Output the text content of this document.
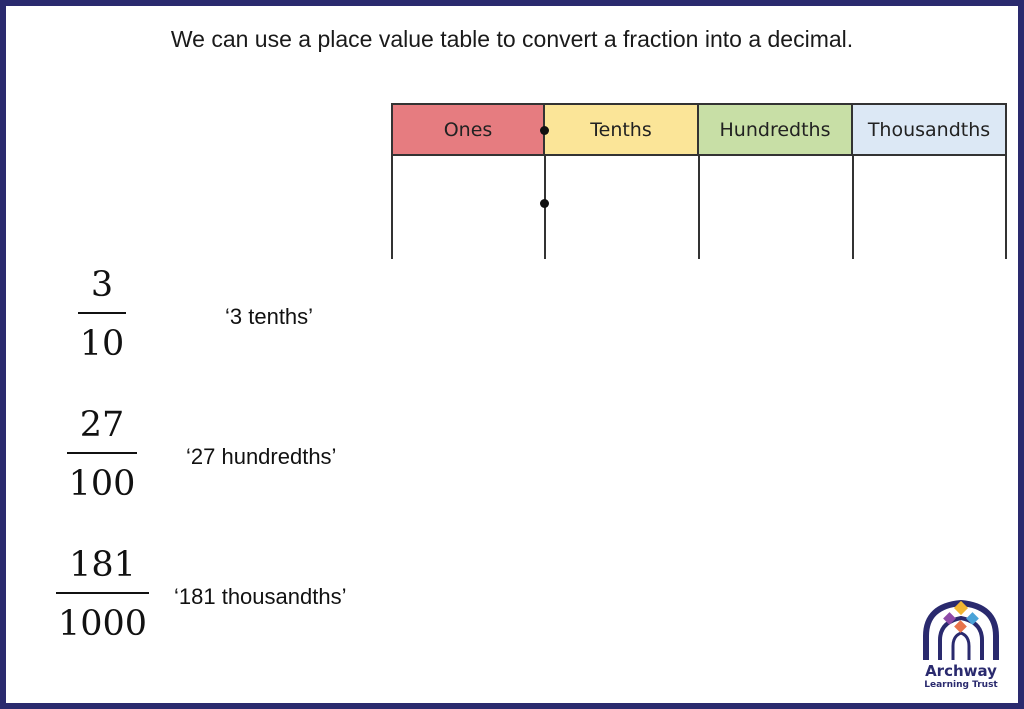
We can use a place value table to convert a fraction into a decimal.
Ones	Tenths	Hundredths	Thousandths
3
10
‘3 tenths’
27
100
‘27 hundredths’
181
1000
‘181 thousandths’
Archway
Learning Trust
